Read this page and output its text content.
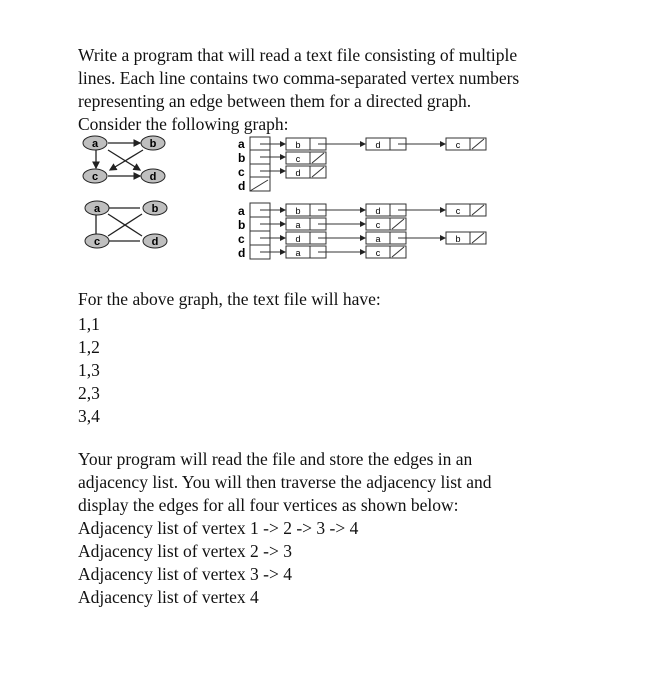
Write a program that will read a text file consisting of multiple
lines. Each line contains two comma-separated vertex numbers
representing an edge between them for a directed graph.
Consider the following graph:
a	b
c	d
a
b
c
d
b	d	c
c
d
a	b
c	d
a
b
c
d
b	d	c
a	c
d	a	b
a	c
For the above graph, the text file will have:
1,1
1,2
1,3
2,3
3,4
Your program will read the file and store the edges in an
adjacency list. You will then traverse the adjacency list and
display the edges for all four vertices as shown below:
Adjacency list of vertex 1 -> 2 -> 3 -> 4
Adjacency list of vertex 2 -> 3
Adjacency list of vertex 3 -> 4
Adjacency list of vertex 4
